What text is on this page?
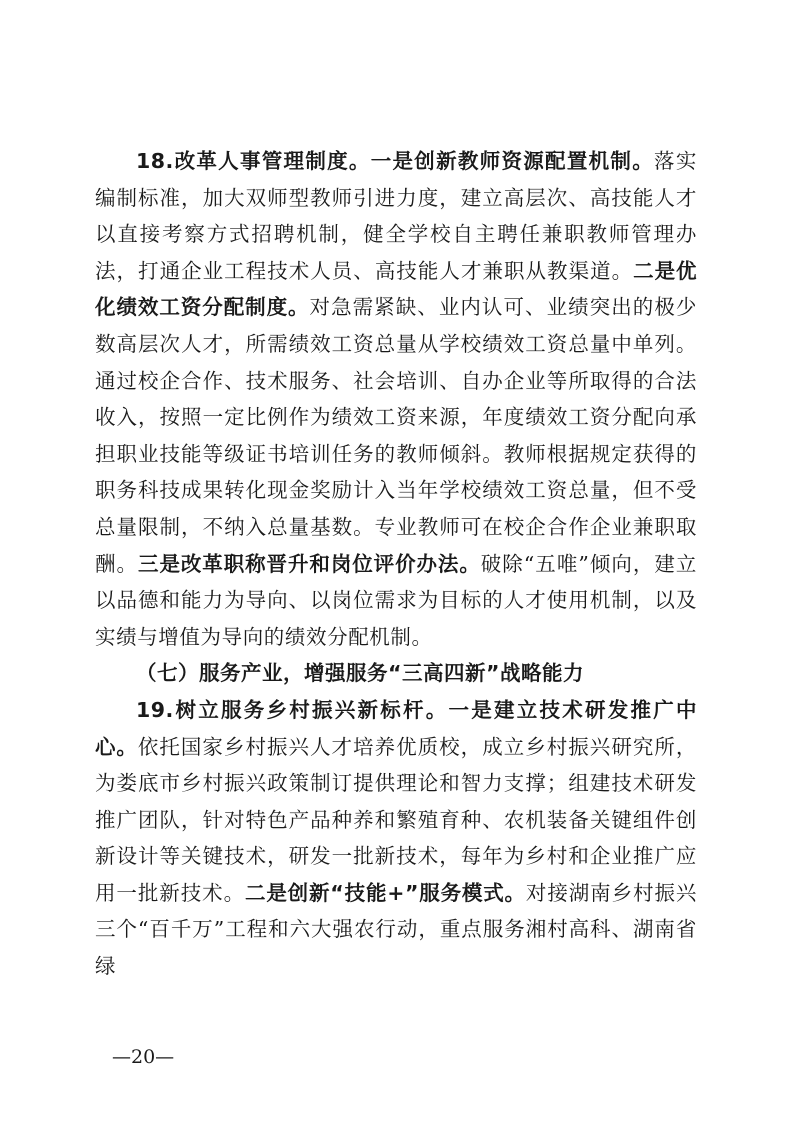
18.改革人事管理制度。一是创新教师资源配置机制。落实编制标准，加大双师型教师引进力度，建立高层次、高技能人才以直接考察方式招聘机制，健全学校自主聘任兼职教师管理办法，打通企业工程技术人员、高技能人才兼职从教渠道。二是优化绩效工资分配制度。对急需紧缺、业内认可、业绩突出的极少数高层次人才，所需绩效工资总量从学校绩效工资总量中单列。通过校企合作、技术服务、社会培训、自办企业等所取得的合法收入，按照一定比例作为绩效工资来源，年度绩效工资分配向承担职业技能等级证书培训任务的教师倾斜。教师根据规定获得的职务科技成果转化现金奖励计入当年学校绩效工资总量，但不受总量限制，不纳入总量基数。专业教师可在校企合作企业兼职取酬。三是改革职称晋升和岗位评价办法。破除“五唯”倾向，建立以品德和能力为导向、以岗位需求为目标的人才使用机制，以及实绩与增值为导向的绩效分配机制。

（七）服务产业，增强服务“三高四新”战略能力

19.树立服务乡村振兴新标杆。一是建立技术研发推广中心。依托国家乡村振兴人才培养优质校，成立乡村振兴研究所，为娄底市乡村振兴政策制订提供理论和智力支撑；组建技术研发推广团队，针对特色产品种养和繁殖育种、农机装备关键组件创新设计等关键技术，研发一批新技术，每年为乡村和企业推广应用一批新技术。二是创新“技能+”服务模式。对接湖南乡村振兴三个“百千万”工程和六大强农行动，重点服务湘村高科、湖南省绿

—20—
